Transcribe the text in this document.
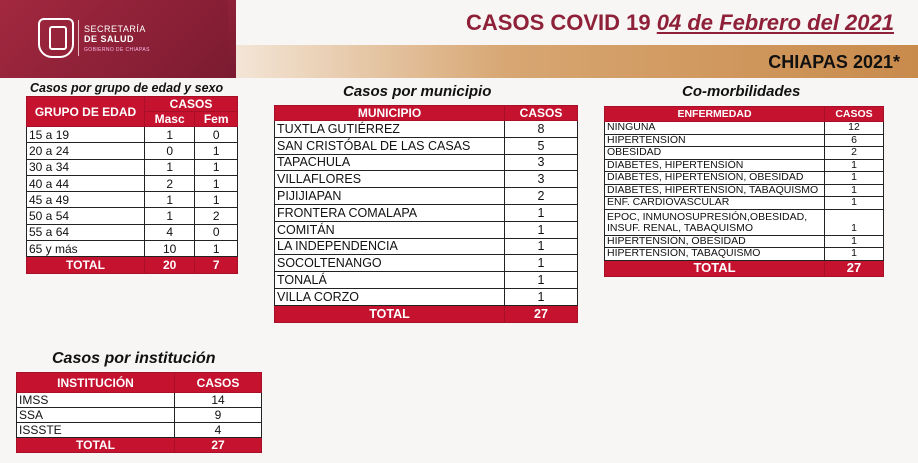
SECRETARÍA
DE SALUD
GOBIERNO DE CHIAPAS
CASOS COVID 19 04 de Febrero del 2021
CHIAPAS 2021*
Casos por grupo de edad y sexo
GRUPO DE EDAD	CASOS	
	Masc	Fem
15 a 19	1	0
20 a 24	0	1
30 a 34	1	1
40 a 44	2	1
45 a 49	1	1
50 a 54	1	2
55 a 64	4	0
65 y más	10	1
TOTAL	20	7
Casos por municipio
MUNICIPIO	CASOS
TUXTLA GUTIÉRREZ	8
SAN CRISTÓBAL DE LAS CASAS	5
TAPACHULA	3
VILLAFLORES	3
PIJIJIAPAN	2
FRONTERA COMALAPA	1
COMITÁN	1
LA INDEPENDENCIA	1
SOCOLTENANGO	1
TONALÁ	1
VILLA CORZO	1
TOTAL	27
Co-morbilidades
ENFERMEDAD	CASOS
NINGUNA	12
HIPERTENSIÓN	6
OBESIDAD	2
DIABETES, HIPERTENSIÓN	1
DIABETES, HIPERTENSIÓN, OBESIDAD	1
DIABETES, HIPERTENSIÓN, TABAQUISMO	1
ENF. CARDIOVASCULAR	1
EPOC, INMUNOSUPRESIÓN,OBESIDAD, INSUF. RENAL, TABAQUISMO	1
HIPERTENSIÓN, OBESIDAD	1
HIPERTENSIÓN, TABAQUISMO	1
TOTAL	27
Casos por institución
INSTITUCIÓN	CASOS
IMSS	14
SSA	9
ISSSTE	4
TOTAL	27
